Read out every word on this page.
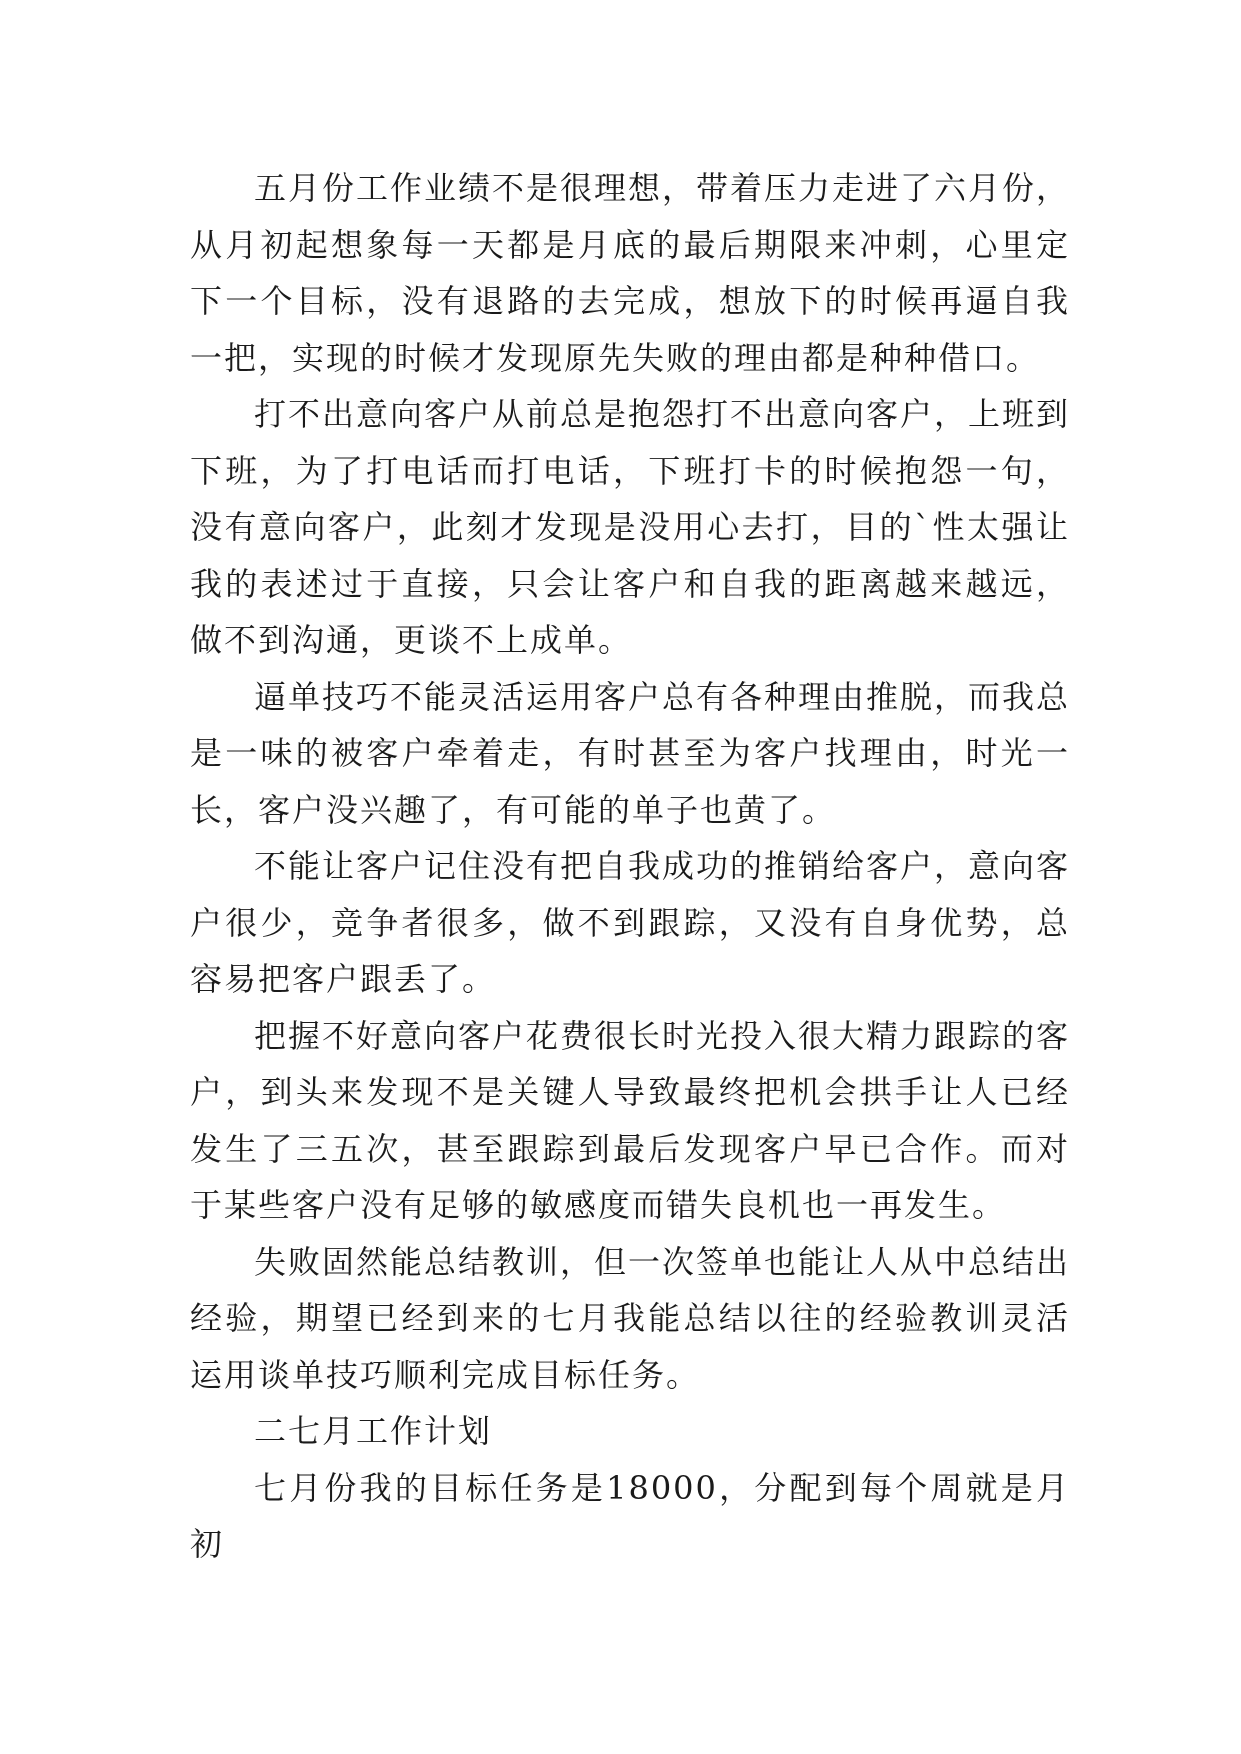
五月份工作业绩不是很理想，带着压力走进了六月份，从月初起想象每一天都是月底的最后期限来冲刺，心里定下一个目标，没有退路的去完成，想放下的时候再逼自我一把，实现的时候才发现原先失败的理由都是种种借口。

打不出意向客户从前总是抱怨打不出意向客户，上班到下班，为了打电话而打电话，下班打卡的时候抱怨一句，没有意向客户，此刻才发现是没用心去打，目的`性太强让我的表述过于直接，只会让客户和自我的距离越来越远，做不到沟通，更谈不上成单。

逼单技巧不能灵活运用客户总有各种理由推脱，而我总是一味的被客户牵着走，有时甚至为客户找理由，时光一长，客户没兴趣了，有可能的单子也黄了。

不能让客户记住没有把自我成功的推销给客户，意向客户很少，竞争者很多，做不到跟踪，又没有自身优势，总容易把客户跟丢了。

把握不好意向客户花费很长时光投入很大精力跟踪的客户，到头来发现不是关键人导致最终把机会拱手让人已经发生了三五次，甚至跟踪到最后发现客户早已合作。而对于某些客户没有足够的敏感度而错失良机也一再发生。

失败固然能总结教训，但一次签单也能让人从中总结出经验，期望已经到来的七月我能总结以往的经验教训灵活运用谈单技巧顺利完成目标任务。

二七月工作计划

七月份我的目标任务是18000，分配到每个周就是月初
